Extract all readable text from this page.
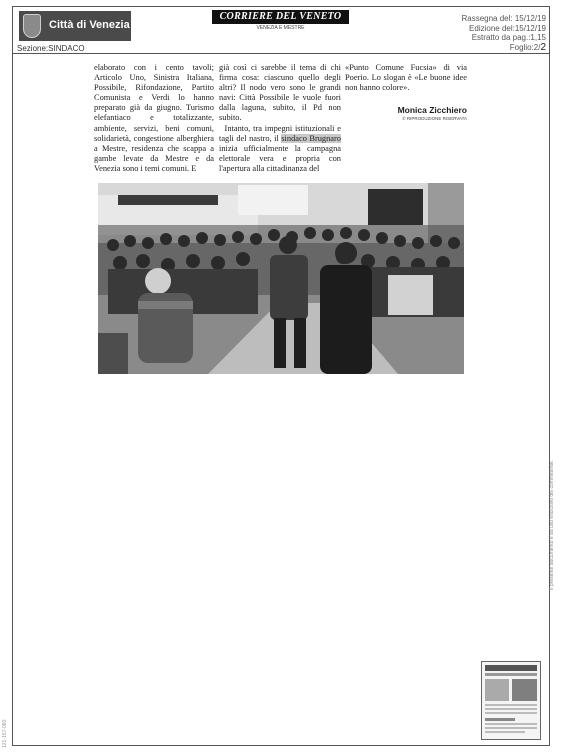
Città di Venezia
Sezione:SINDACO
CORRIERE DEL VENETO
VENEZIA E MESTRE
Rassegna del: 15/12/19
Edizione del:15/12/19
Estratto da pag.:1,15
Foglio:2/2

elaborato con i cento tavoli; Articolo Uno, Sinistra Italiana, Possibile, Rifondazione, Partito Comunista e Verdi lo hanno preparato già da giugno. Turismo elefantiaco e totalizzante, ambiente, servizi, beni comuni, solidarietà, congestione alberghiera a Mestre, residenza che scappa a gambe levate da Mestre e da Venezia sono i temi comuni. E

già così ci sarebbe il tema di chi firma cosa: ciascuno quello degli altri? Il nodo vero sono le grandi navi: Città Possibile le vuole fuori dalla laguna, subito, il Pd non subito.

Intanto, tra impegni istituzionali e tagli del nastro, il sindaco Brugnaro inizia ufficialmente la campagna elettorale vera e propria con l'apertura alla cittadinanza del

«Punto Comune Fucsia» di via Poerio. Lo slogan è «Le buone idee non hanno colore».

Monica Zicchiero

© RIPRODUZIONE RISERVATA

Il presente documento è ad uso esclusivo del committente.
121-157-080
